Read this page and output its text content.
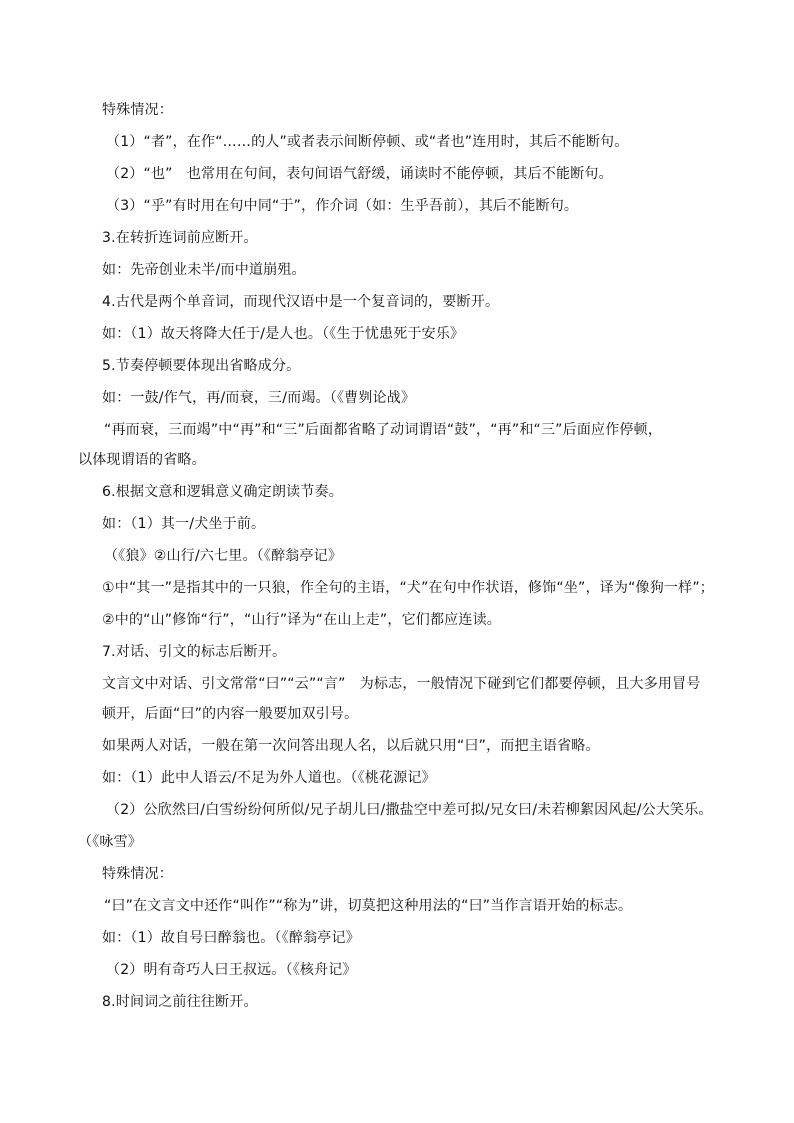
特殊情况：
（1）“者”，在作“……的人”或者表示间断停顿、或“者也”连用时，其后不能断句。
（2）“也”　也常用在句间，表句间语气舒缓，诵读时不能停顿，其后不能断句。
（3）“乎”有时用在句中同“于”，作介词（如：生乎吾前），其后不能断句。
3.在转折连词前应断开。
如：先帝创业未半/而中道崩殂。
4.古代是两个单音词，而现代汉语中是一个复音词的，要断开。
如：（1）故天将降大任于/是人也。（《生于忧患死于安乐》
5.节奏停顿要体现出省略成分。
如：一鼓/作气，再/而衰，三/而竭。（《曹刿论战》
“再而衰，三而竭”中“再”和“三”后面都省略了动词谓语“鼓”，“再”和“三”后面应作停顿，
以体现谓语的省略。
6.根据文意和逻辑意义确定朗读节奏。
如：（1）其一/犬坐于前。
（《狼》②山行/六七里。（《醉翁亭记》
①中“其一”是指其中的一只狼，作全句的主语，“犬”在句中作状语，修饰“坐”，译为“像狗一样”；
②中的“山”修饰“行”，“山行”译为“在山上走”，它们都应连读。
7.对话、引文的标志后断开。
文言文中对话、引文常常“曰”“云”“言”　为标志，一般情况下碰到它们都要停顿，且大多用冒号
顿开，后面“曰”的内容一般要加双引号。
如果两人对话，一般在第一次问答出现人名，以后就只用“曰”，而把主语省略。
如：（1）此中人语云/不足为外人道也。（《桃花源记》
（2）公欣然曰/白雪纷纷何所似/兄子胡儿曰/撒盐空中差可拟/兄女曰/未若柳絮因风起/公大笑乐。
（《咏雪》
特殊情况：
“曰”在文言文中还作“叫作”“称为”讲，切莫把这种用法的“曰”当作言语开始的标志。
如：（1）故自号曰醉翁也。（《醉翁亭记》
（2）明有奇巧人曰王叔远。（《核舟记》
8.时间词之前往往断开。
